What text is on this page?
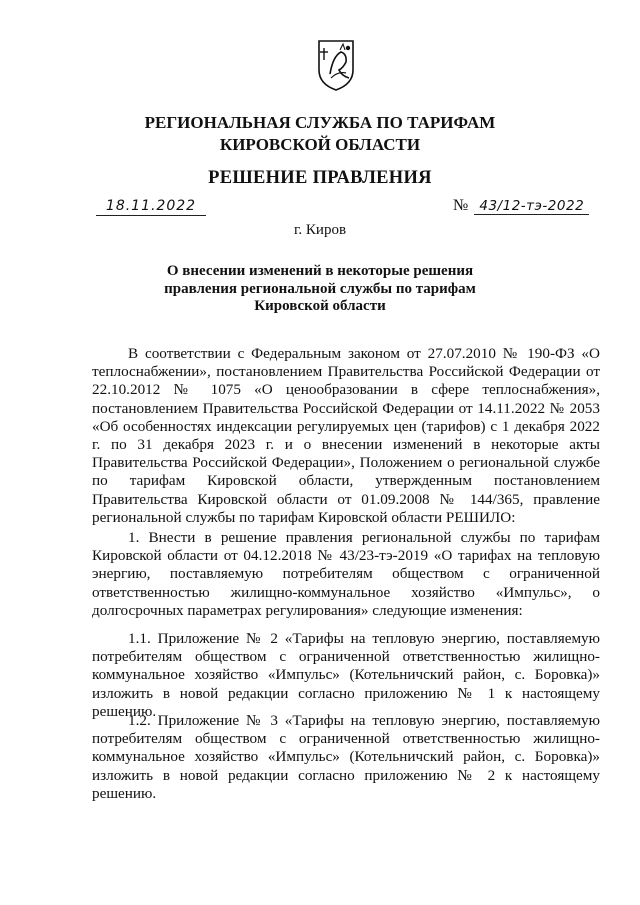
РЕГИОНАЛЬНАЯ СЛУЖБА ПО ТАРИФАМ
КИРОВСКОЙ ОБЛАСТИ
РЕШЕНИЕ ПРАВЛЕНИЯ
18.11.2022	№ 43/12-тэ-2022
г. Киров
О внесении изменений в некоторые решения
правления региональной службы по тарифам
Кировской области

В соответствии с Федеральным законом от 27.07.2010 № 190-ФЗ «О теплоснабжении», постановлением Правительства Российской Федерации от 22.10.2012 № 1075 «О ценообразовании в сфере теплоснабжения», постановлением Правительства Российской Федерации от 14.11.2022 № 2053 «Об особенностях индексации регулируемых цен (тарифов) с 1 декабря 2022 г. по 31 декабря 2023 г. и о внесении изменений в некоторые акты Правительства Российской Федерации», Положением о региональной службе по тарифам Кировской области, утвержденным постановлением Правительства Кировской области от 01.09.2008 № 144/365, правление региональной службы по тарифам Кировской области РЕШИЛО:

1. Внести в решение правления региональной службы по тарифам Кировской области от 04.12.2018 № 43/23-тэ-2019 «О тарифах на тепловую энергию, поставляемую потребителям обществом с ограниченной ответственностью жилищно-коммунальное хозяйство «Импульс», о долгосрочных параметрах регулирования» следующие изменения:

1.1. Приложение № 2 «Тарифы на тепловую энергию, поставляемую потребителям обществом с ограниченной ответственностью жилищно-коммунальное хозяйство «Импульс» (Котельничский район, с. Боровка)» изложить в новой редакции согласно приложению № 1 к настоящему решению.

1.2. Приложение № 3 «Тарифы на тепловую энергию, поставляемую потребителям обществом с ограниченной ответственностью жилищно-коммунальное хозяйство «Импульс» (Котельничский район, с. Боровка)» изложить в новой редакции согласно приложению № 2 к настоящему решению.
